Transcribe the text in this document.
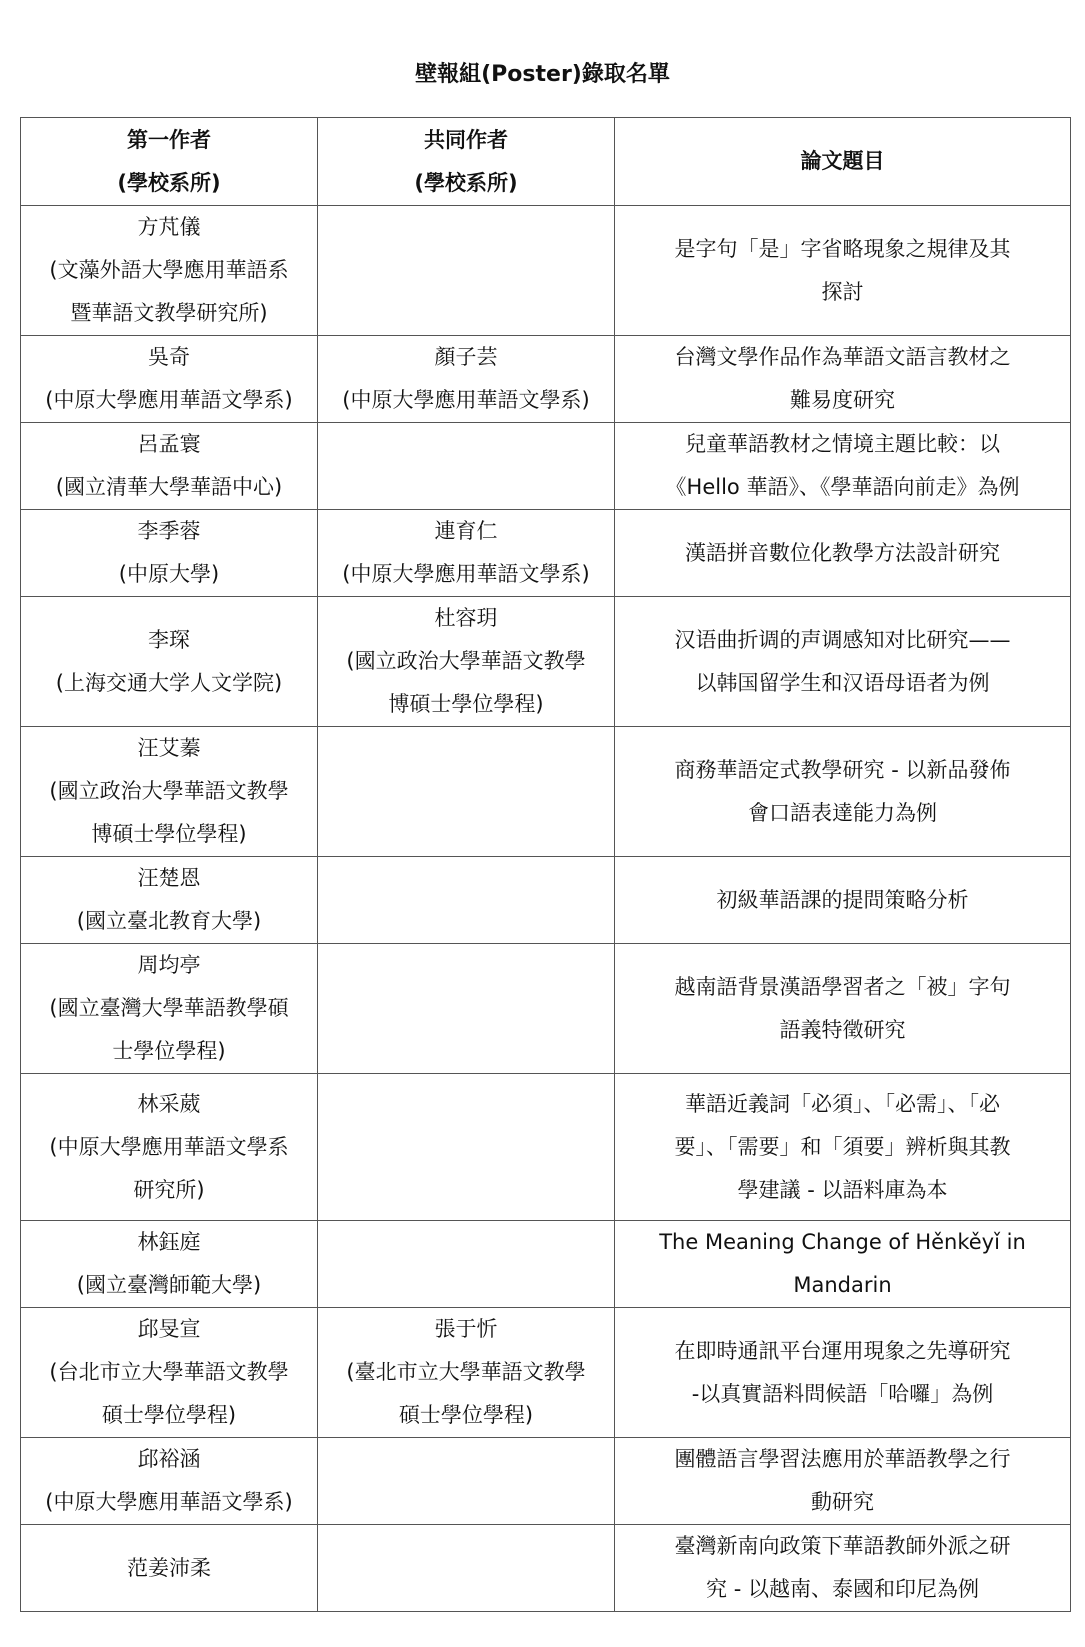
壁報組(Poster)錄取名單
第一作者
(學校系所)	共同作者
(學校系所)	論文題目

方芃儀
(文藻外語大學應用華語系
暨華語文教學研究所)		是字句「是」字省略現象之規律及其
探討

吳奇
(中原大學應用華語文學系)	顏子芸
(中原大學應用華語文學系)	台灣文學作品作為華語文語言教材之
難易度研究

呂孟寰
(國立清華大學華語中心)		兒童華語教材之情境主題比較：以
《Hello 華語》、《學華語向前走》為例

李季蓉
(中原大學)	連育仁
(中原大學應用華語文學系)	漢語拼音數位化教學方法設計研究

李琛
(上海交通大学人文学院)	杜容玥
(國立政治大學華語文教學
博碩士學位學程)	汉语曲折调的声调感知对比研究——
以韩国留学生和汉语母语者为例

汪艾蓁
(國立政治大學華語文教學
博碩士學位學程)		商務華語定式教學研究 - 以新品發佈
會口語表達能力為例

汪楚恩
(國立臺北教育大學)		初級華語課的提問策略分析

周均亭
(國立臺灣大學華語教學碩
士學位學程)		越南語背景漢語學習者之「被」字句
語義特徵研究

林采葳
(中原大學應用華語文學系
研究所)		華語近義詞「必須」、「必需」、「必
要」、「需要」和「須要」辨析與其教
學建議 - 以語料庫為本

林鈺庭
(國立臺灣師範大學)		The Meaning Change of Hěnkěyǐ in
Mandarin

邱旻宣
(台北市立大學華語文教學
碩士學位學程)	張于忻
(臺北市立大學華語文教學
碩士學位學程)	在即時通訊平台運用現象之先導研究
-以真實語料問候語「哈囉」為例

邱裕涵
(中原大學應用華語文學系)		團體語言學習法應用於華語教學之行
動研究

范姜沛柔		臺灣新南向政策下華語教師外派之研
究 - 以越南、泰國和印尼為例
